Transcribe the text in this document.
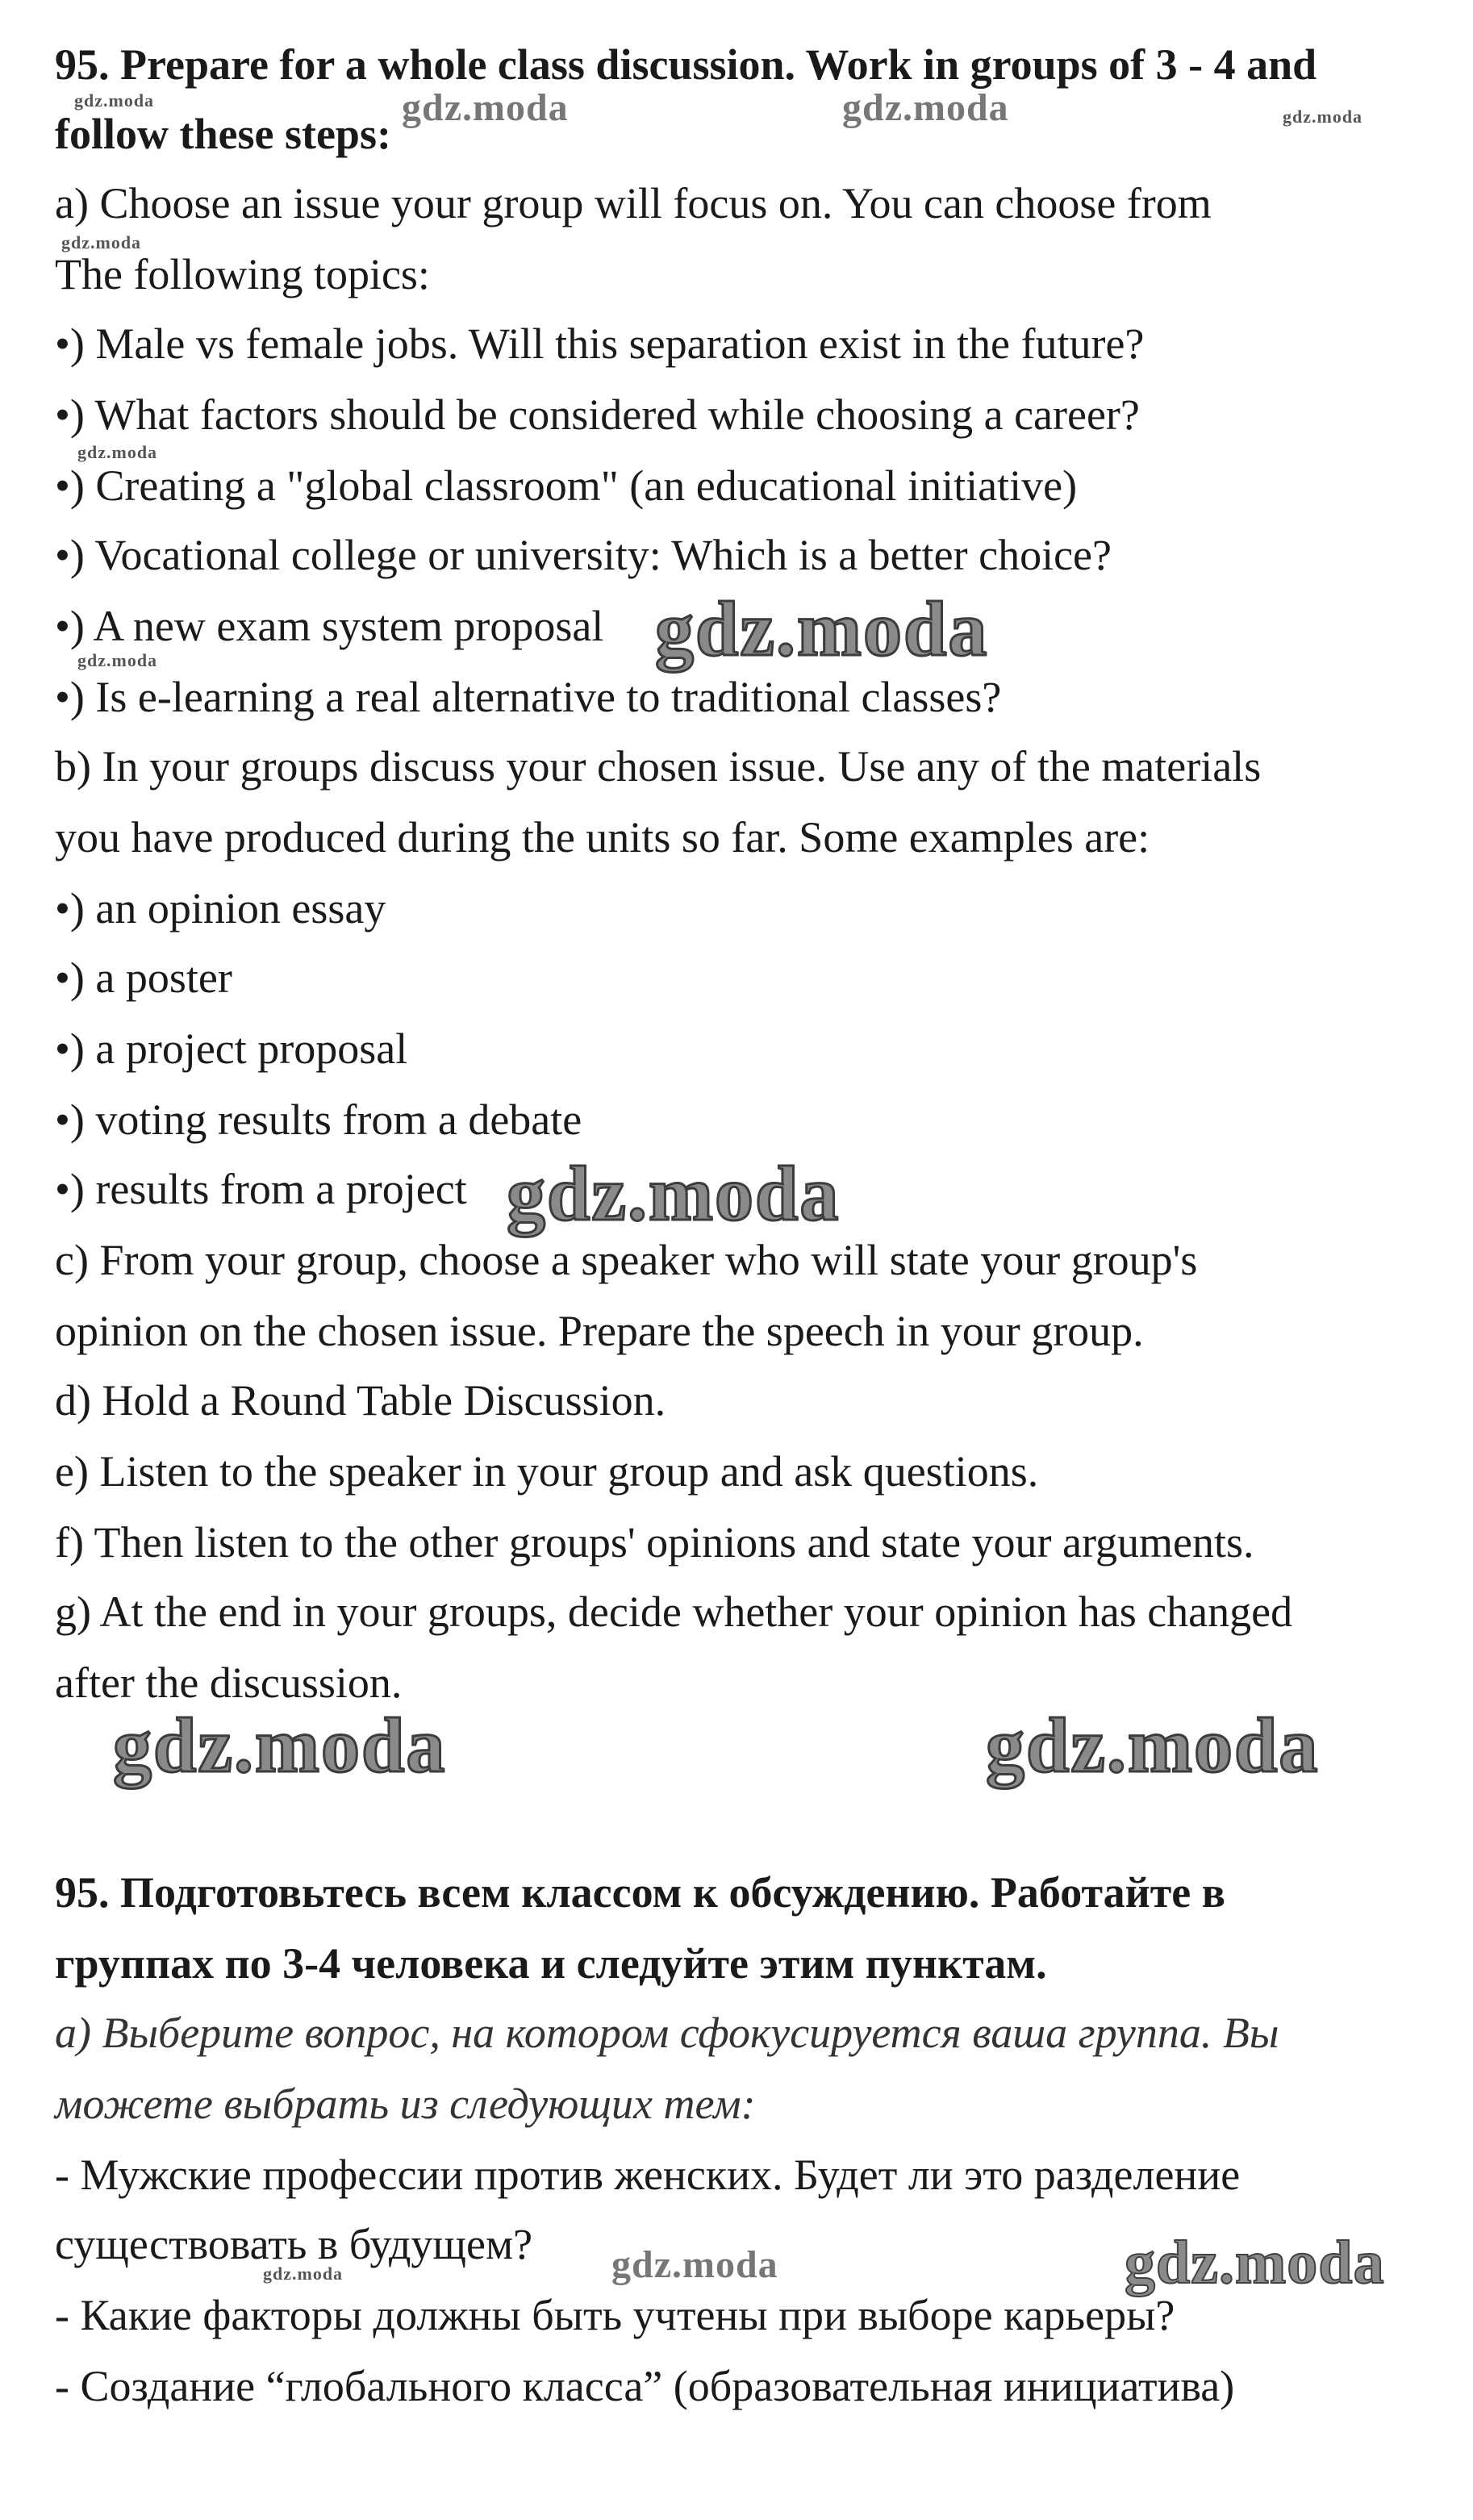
95. Prepare for a whole class discussion. Work in groups of 3 - 4 and
follow these steps:
a) Choose an issue your group will focus on. You can choose from
The following topics:
•) Male vs female jobs. Will this separation exist in the future?
•) What factors should be considered while choosing a career?
•) Creating a "global classroom" (an educational initiative)
•) Vocational college or university: Which is a better choice?
•) A new exam system proposal
•) Is e-learning a real alternative to traditional classes?
b) In your groups discuss your chosen issue. Use any of the materials
you have produced during the units so far. Some examples are:
•) an opinion essay
•) a poster
•) a project proposal
•) voting results from a debate
•) results from a project
c) From your group, choose a speaker who will state your group's
opinion on the chosen issue. Prepare the speech in your group.
d) Hold a Round Table Discussion.
e) Listen to the speaker in your group and ask questions.
f) Then listen to the other groups' opinions and state your arguments.
g) At the end in your groups, decide whether your opinion has changed
after the discussion.
95. Подготовьтесь всем классом к обсуждению. Работайте в
группах по 3-4 человека и следуйте этим пунктам.
а) Выберите вопрос, на котором сфокусируется ваша группа. Вы
можете выбрать из следующих тем:
- Мужские профессии против женских. Будет ли это разделение
существовать в будущем?
- Какие факторы должны быть учтены при выборе карьеры?
- Создание “глобального класса” (образовательная инициатива)
gdz.moda	gdz.moda	gdz.moda	gdz.moda
gdz.moda
gdz.moda
gdz.moda
gdz.moda
gdz.moda
gdz.moda	gdz.moda
gdz.moda	gdz.moda	gdz.moda
